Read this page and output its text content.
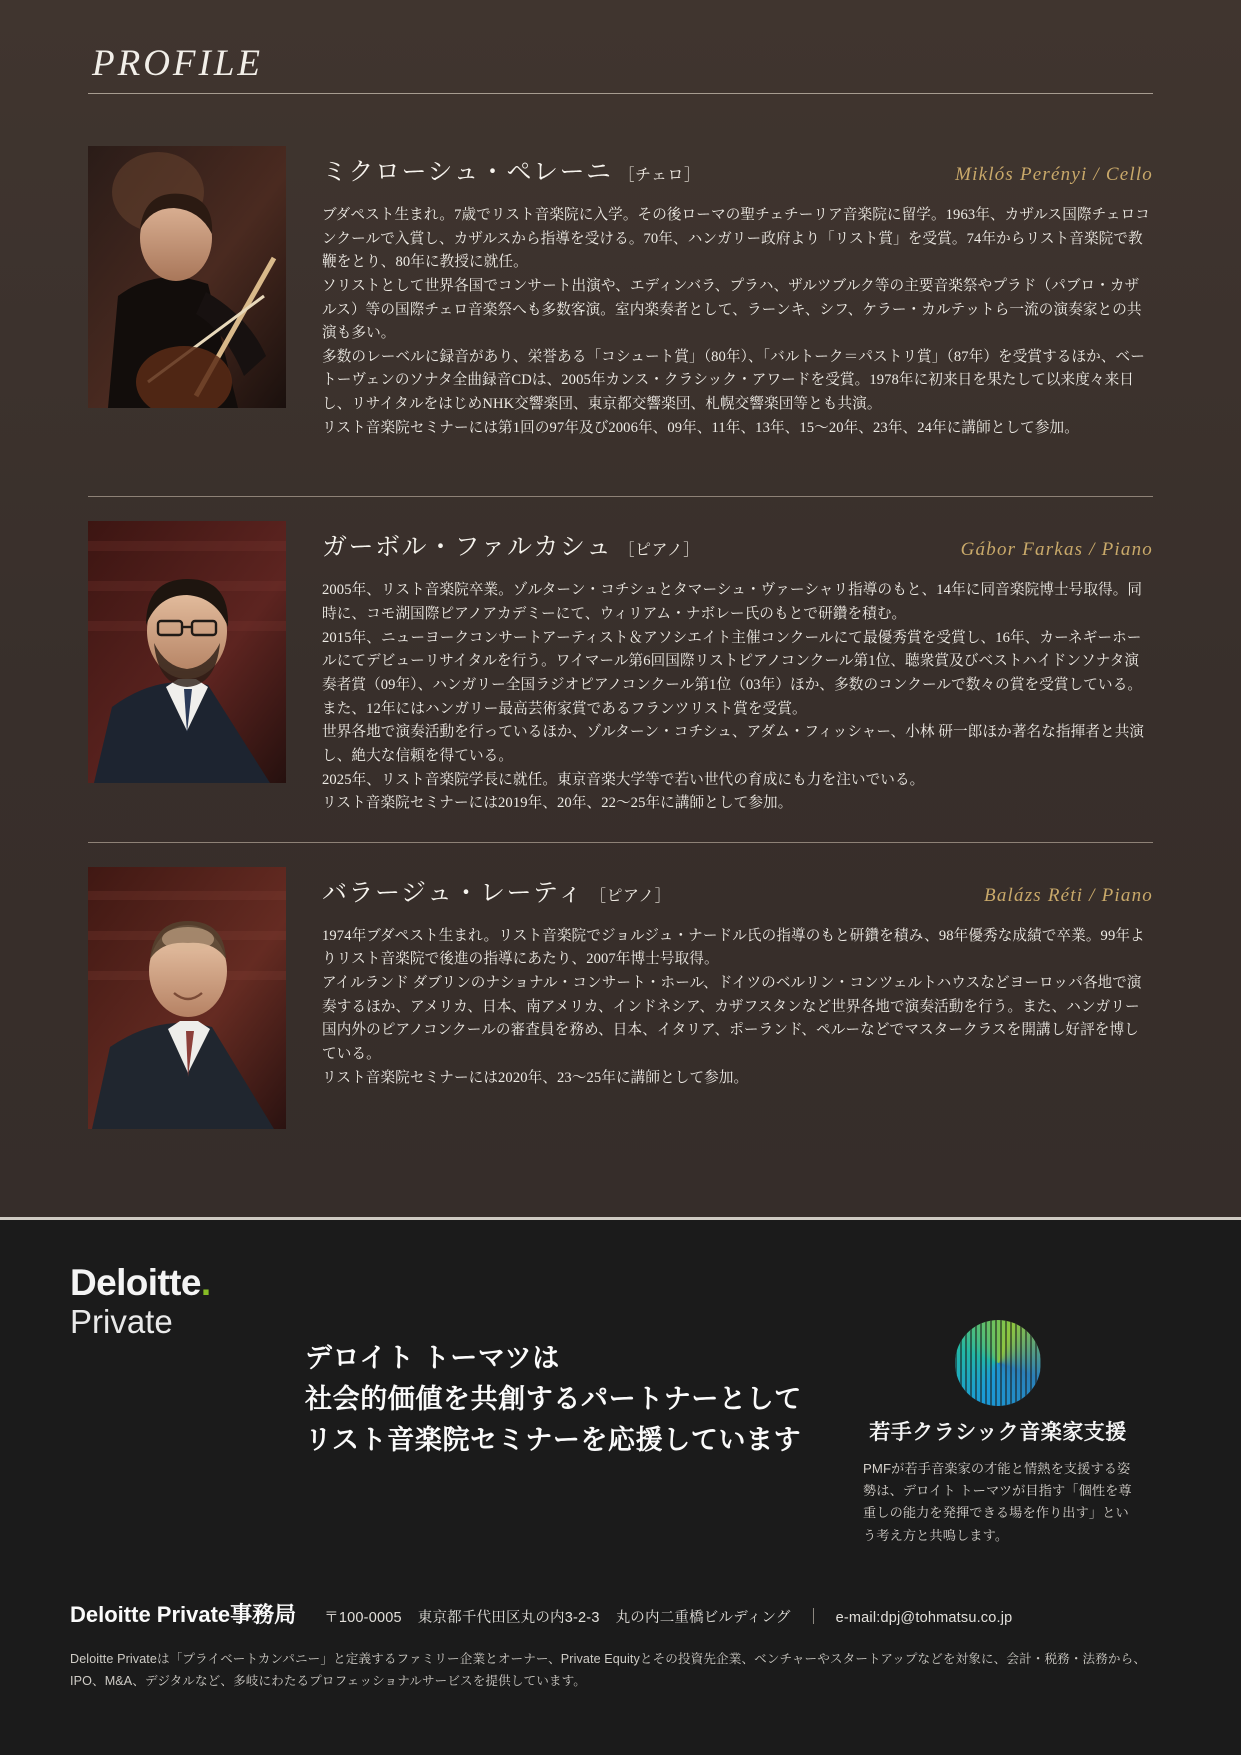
PROFILE
ミクローシュ・ペレーニ ［チェロ］	Miklós Perényi / Cello

ブダペスト生まれ。7歳でリスト音楽院に入学。その後ローマの聖チェチーリア音楽院に留学。1963年、カザルス国際チェロコンクールで入賞し、カザルスから指導を受ける。70年、ハンガリー政府より「リスト賞」を受賞。74年からリスト音楽院で教鞭をとり、80年に教授に就任。

ソリストとして世界各国でコンサート出演や、エディンバラ、プラハ、ザルツブルク等の主要音楽祭やプラド（パブロ・カザルス）等の国際チェロ音楽祭へも多数客演。室内楽奏者として、ラーンキ、シフ、ケラー・カルテットら一流の演奏家との共演も多い。

多数のレーベルに録音があり、栄誉ある「コシュート賞」（80年）、「バルトーク＝パストリ賞」（87年）を受賞するほか、ベートーヴェンのソナタ全曲録音CDは、2005年カンス・クラシック・アワードを受賞。1978年に初来日を果たして以来度々来日し、リサイタルをはじめNHK交響楽団、東京都交響楽団、札幌交響楽団等とも共演。

リスト音楽院セミナーには第1回の97年及び2006年、09年、11年、13年、15〜20年、23年、24年に講師として参加。

ガーボル・ファルカシュ ［ピアノ］	Gábor Farkas / Piano

2005年、リスト音楽院卒業。ゾルターン・コチシュとタマーシュ・ヴァーシャリ指導のもと、14年に同音楽院博士号取得。同時に、コモ湖国際ピアノアカデミーにて、ウィリアム・ナボレー氏のもとで研鑽を積む。

2015年、ニューヨークコンサートアーティスト＆アソシエイト主催コンクールにて最優秀賞を受賞し、16年、カーネギーホールにてデビューリサイタルを行う。ワイマール第6回国際リストピアノコンクール第1位、聴衆賞及びベストハイドンソナタ演奏者賞（09年）、ハンガリー全国ラジオピアノコンクール第1位（03年）ほか、多数のコンクールで数々の賞を受賞している。また、12年にはハンガリー最高芸術家賞であるフランツリスト賞を受賞。

世界各地で演奏活動を行っているほか、ゾルターン・コチシュ、アダム・フィッシャー、小林 研一郎ほか著名な指揮者と共演し、絶大な信頼を得ている。

2025年、リスト音楽院学長に就任。東京音楽大学等で若い世代の育成にも力を注いでいる。

リスト音楽院セミナーには2019年、20年、22〜25年に講師として参加。

バラージュ・レーティ ［ピアノ］	Balázs Réti / Piano

1974年ブダペスト生まれ。リスト音楽院でジョルジュ・ナードル氏の指導のもと研鑽を積み、98年優秀な成績で卒業。99年よりリスト音楽院で後進の指導にあたり、2007年博士号取得。

アイルランド ダブリンのナショナル・コンサート・ホール、ドイツのベルリン・コンツェルトハウスなどヨーロッパ各地で演奏するほか、アメリカ、日本、南アメリカ、インドネシア、カザフスタンなど世界各地で演奏活動を行う。また、ハンガリー国内外のピアノコンクールの審査員を務め、日本、イタリア、ポーランド、ペルーなどでマスタークラスを開講し好評を博している。

リスト音楽院セミナーには2020年、23〜25年に講師として参加。

Deloitte.
Private
デロイト トーマツは
社会的価値を共創するパートナーとして
リスト音楽院セミナーを応援しています	若手クラシック音楽家支援
PMFが若手音楽家の才能と情熱を支援する姿勢は、デロイト トーマツが目指す「個性を尊重しの能力を発揮できる場を作り出す」という考え方と共鳴します。
Deloitte Private事務局 〒100-0005 東京都千代田区丸の内3-2-3 丸の内二重橋ビルディング	e-mail:dpj@tohmatsu.co.jp

Deloitte Privateは「プライベートカンパニー」と定義するファミリー企業とオーナー、Private Equityとその投資先企業、ベンチャーやスタートアップなどを対象に、会計・税務・法務から、

IPO、M&A、デジタルなど、多岐にわたるプロフェッショナルサービスを提供しています。
